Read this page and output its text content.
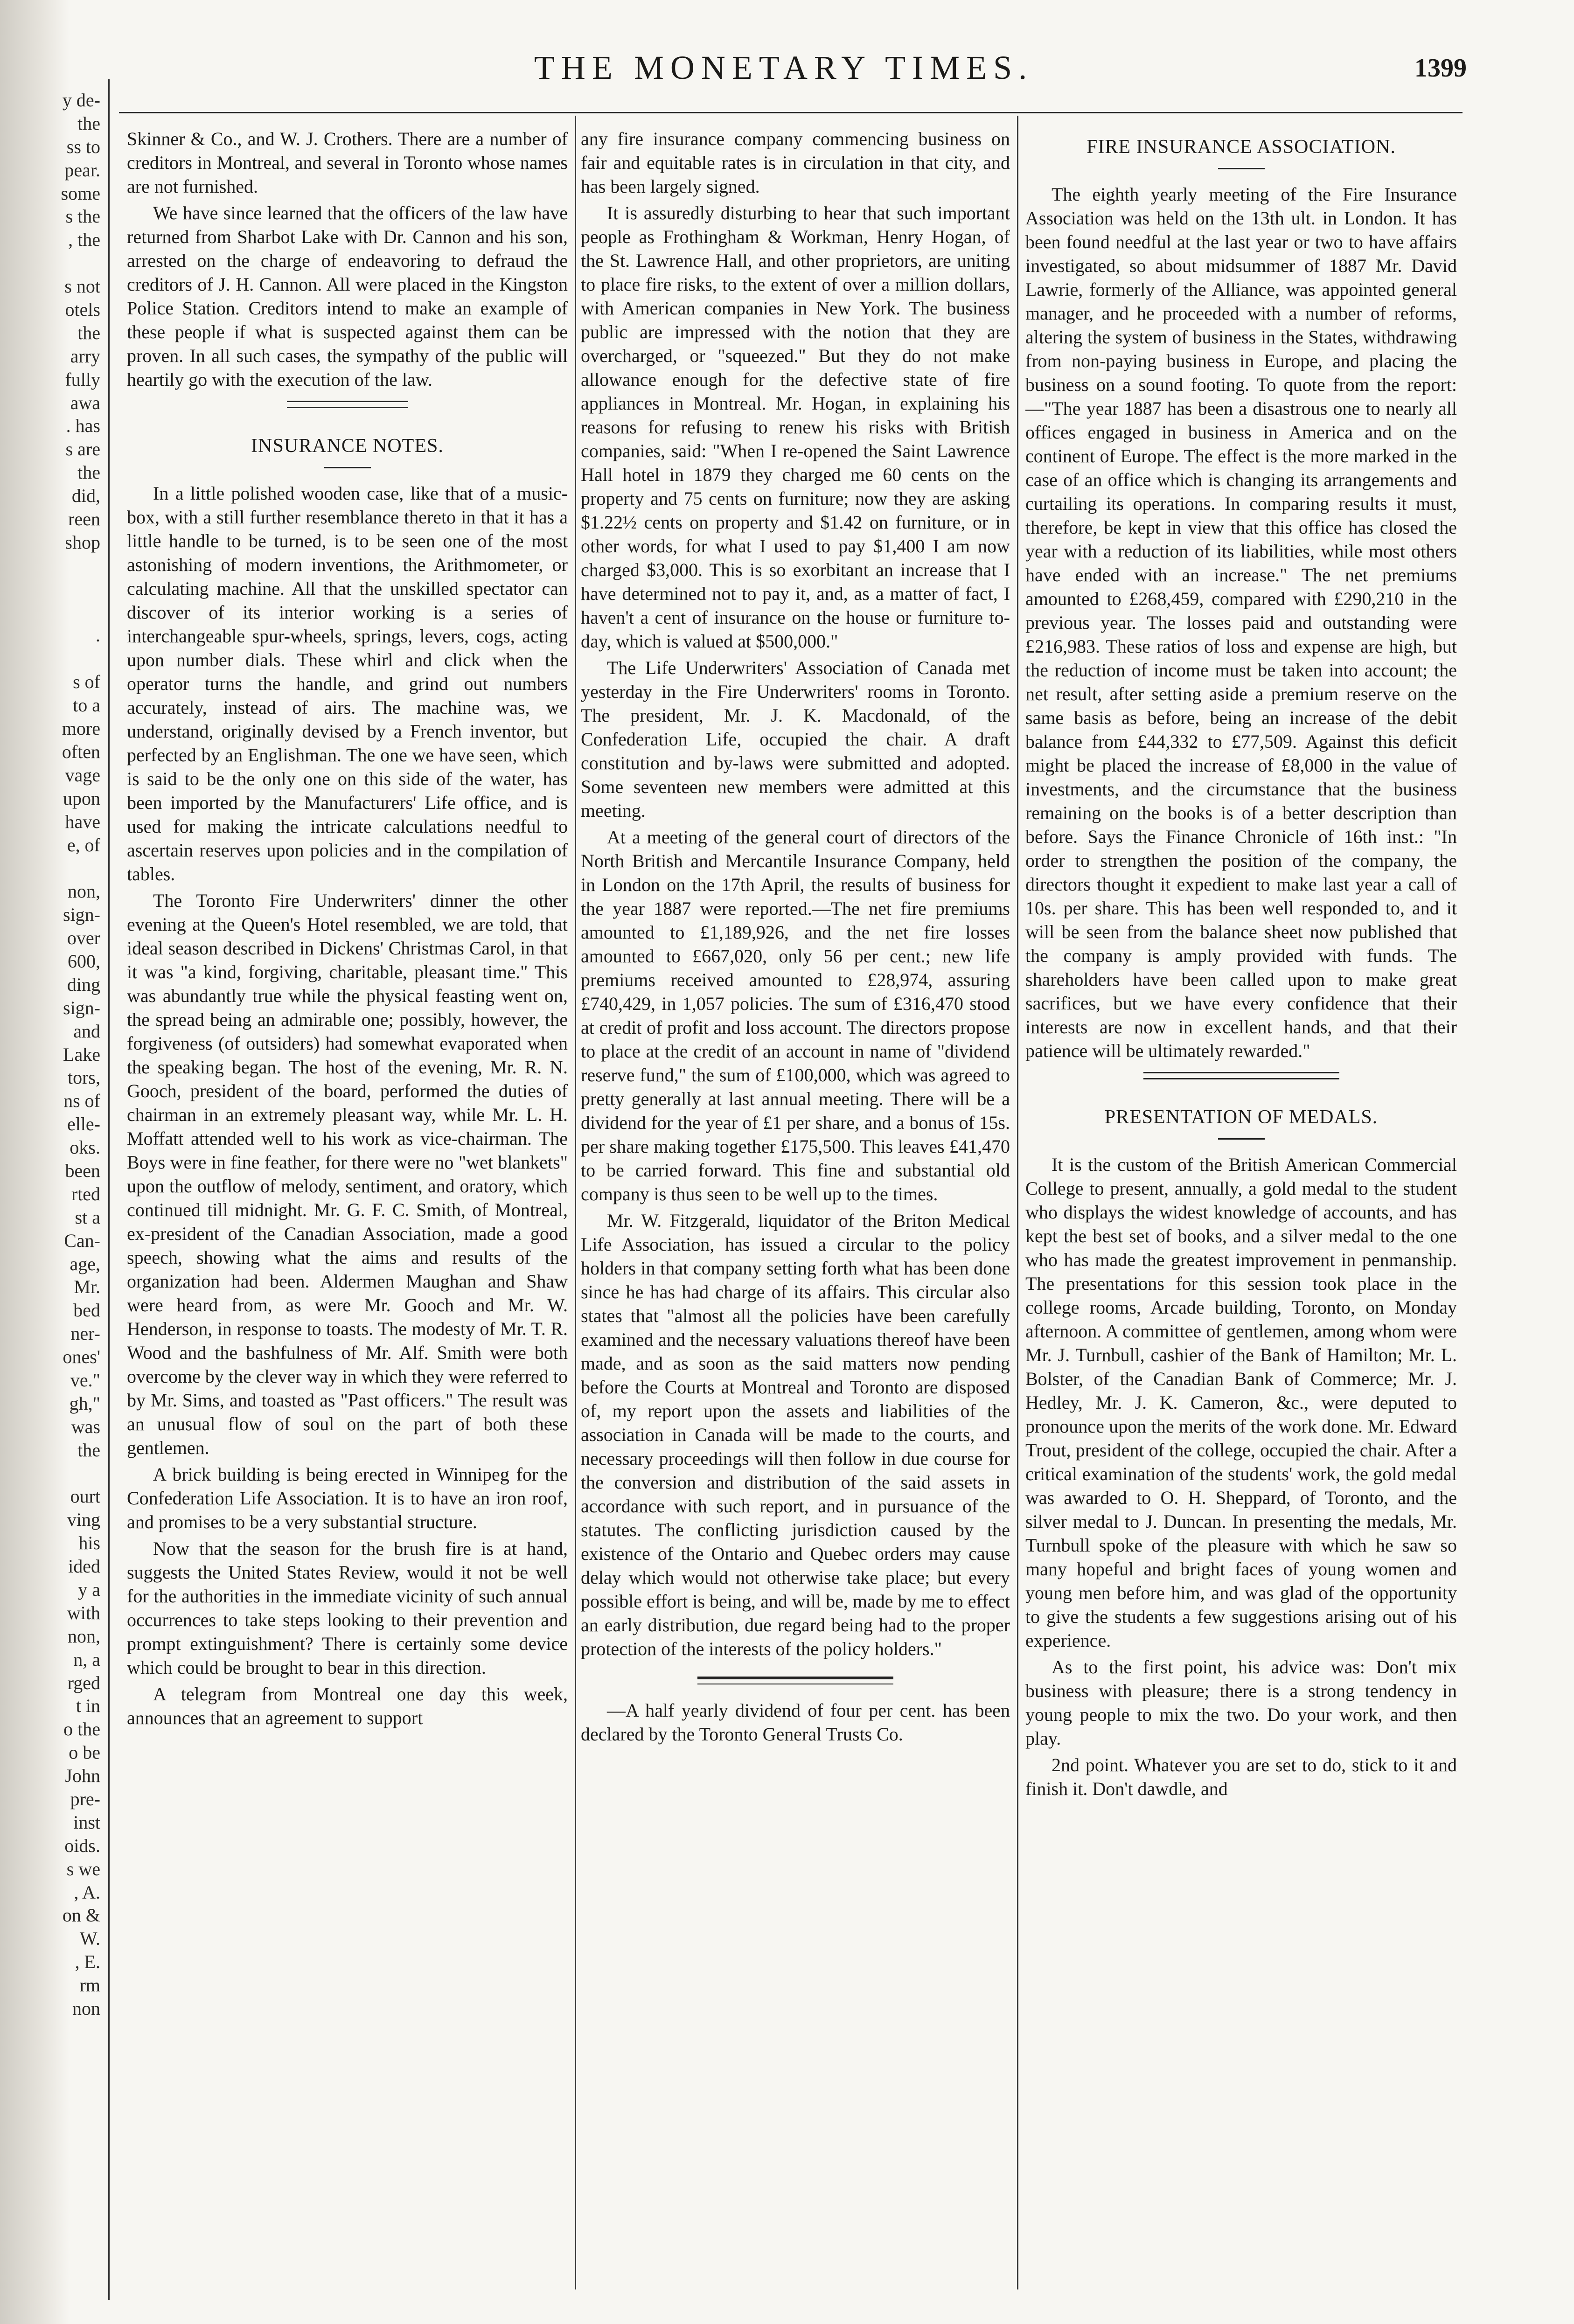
y de-
the
ss to
pear.
some
s the
, the
s not
otels
the
arry
fully
awa
. has
s are
the
did,
reen
shop
.
s of
to a
more
often
vage
upon
have
e, of
non,
sign-
over
600,
ding
sign-
and
Lake
tors,
ns of
elle-
oks.
been
rted
st a
Can-
age,
Mr.
bed
ner-
ones'
ve."
gh,"
was
the
ourt
ving
his
ided
y a
with
non,
n, a
rged
t in
o the
o be
John
pre-
inst
oids.
s we
, A.
on &
W.
, E.
rm
non
THE MONETARY TIMES.	1399

Skinner & Co., and W. J. Crothers. There are a number of creditors in Montreal, and several in Toronto whose names are not furnished.

We have since learned that the officers of the law have returned from Sharbot Lake with Dr. Cannon and his son, arrested on the charge of endeavoring to defraud the creditors of J. H. Cannon. All were placed in the Kingston Police Station. Creditors intend to make an example of these people if what is suspected against them can be proven. In all such cases, the sympathy of the public will heartily go with the execution of the law.

INSURANCE NOTES.

In a little polished wooden case, like that of a music-box, with a still further resemblance thereto in that it has a little handle to be turned, is to be seen one of the most astonishing of modern inventions, the Arithmometer, or calculating machine. All that the unskilled spectator can discover of its interior working is a series of interchangeable spur-wheels, springs, levers, cogs, acting upon number dials. These whirl and click when the operator turns the handle, and grind out numbers accurately, instead of airs. The machine was, we understand, originally devised by a French inventor, but perfected by an Englishman. The one we have seen, which is said to be the only one on this side of the water, has been imported by the Manufacturers' Life office, and is used for making the intricate calculations needful to ascertain reserves upon policies and in the compilation of tables.

The Toronto Fire Underwriters' dinner the other evening at the Queen's Hotel resembled, we are told, that ideal season described in Dickens' Christmas Carol, in that it was "a kind, forgiving, charitable, pleasant time." This was abundantly true while the physical feasting went on, the spread being an admirable one; possibly, however, the forgiveness (of outsiders) had somewhat evaporated when the speaking began. The host of the evening, Mr. R. N. Gooch, president of the board, performed the duties of chairman in an extremely pleasant way, while Mr. L. H. Moffatt attended well to his work as vice-chairman. The Boys were in fine feather, for there were no "wet blankets" upon the outflow of melody, sentiment, and oratory, which continued till midnight. Mr. G. F. C. Smith, of Montreal, ex-president of the Canadian Association, made a good speech, showing what the aims and results of the organization had been. Aldermen Maughan and Shaw were heard from, as were Mr. Gooch and Mr. W. Henderson, in response to toasts. The modesty of Mr. T. R. Wood and the bashfulness of Mr. Alf. Smith were both overcome by the clever way in which they were referred to by Mr. Sims, and toasted as "Past officers." The result was an unusual flow of soul on the part of both these gentlemen.

A brick building is being erected in Winnipeg for the Confederation Life Association. It is to have an iron roof, and promises to be a very substantial structure.

Now that the season for the brush fire is at hand, suggests the United States Review, would it not be well for the authorities in the immediate vicinity of such annual occurrences to take steps looking to their prevention and prompt extinguishment? There is certainly some device which could be brought to bear in this direction.

A telegram from Montreal one day this week, announces that an agreement to support

any fire insurance company commencing business on fair and equitable rates is in circulation in that city, and has been largely signed.

It is assuredly disturbing to hear that such important people as Frothingham & Workman, Henry Hogan, of the St. Lawrence Hall, and other proprietors, are uniting to place fire risks, to the extent of over a million dollars, with American companies in New York. The business public are impressed with the notion that they are overcharged, or "squeezed." But they do not make allowance enough for the defective state of fire appliances in Montreal. Mr. Hogan, in explaining his reasons for refusing to renew his risks with British companies, said: "When I re-opened the Saint Lawrence Hall hotel in 1879 they charged me 60 cents on the property and 75 cents on furniture; now they are asking $1.22½ cents on property and $1.42 on furniture, or in other words, for what I used to pay $1,400 I am now charged $3,000. This is so exorbitant an increase that I have determined not to pay it, and, as a matter of fact, I haven't a cent of insurance on the house or furniture to-day, which is valued at $500,000."

The Life Underwriters' Association of Canada met yesterday in the Fire Underwriters' rooms in Toronto. The president, Mr. J. K. Macdonald, of the Confederation Life, occupied the chair. A draft constitution and by-laws were submitted and adopted. Some seventeen new members were admitted at this meeting.

At a meeting of the general court of directors of the North British and Mercantile Insurance Company, held in London on the 17th April, the results of business for the year 1887 were reported.—The net fire premiums amounted to £1,189,926, and the net fire losses amounted to £667,020, only 56 per cent.; new life premiums received amounted to £28,974, assuring £740,429, in 1,057 policies. The sum of £316,470 stood at credit of profit and loss account. The directors propose to place at the credit of an account in name of "dividend reserve fund," the sum of £100,000, which was agreed to pretty generally at last annual meeting. There will be a dividend for the year of £1 per share, and a bonus of 15s. per share making together £175,500. This leaves £41,470 to be carried forward. This fine and substantial old company is thus seen to be well up to the times.

Mr. W. Fitzgerald, liquidator of the Briton Medical Life Association, has issued a circular to the policy holders in that company setting forth what has been done since he has had charge of its affairs. This circular also states that "almost all the policies have been carefully examined and the necessary valuations thereof have been made, and as soon as the said matters now pending before the Courts at Montreal and Toronto are disposed of, my report upon the assets and liabilities of the association in Canada will be made to the courts, and necessary proceedings will then follow in due course for the conversion and distribution of the said assets in accordance with such report, and in pursuance of the statutes. The conflicting jurisdiction caused by the existence of the Ontario and Quebec orders may cause delay which would not otherwise take place; but every possible effort is being, and will be, made by me to effect an early distribution, due regard being had to the proper protection of the interests of the policy holders."

—A half yearly dividend of four per cent. has been declared by the Toronto General Trusts Co.

FIRE INSURANCE ASSOCIATION.

The eighth yearly meeting of the Fire Insurance Association was held on the 13th ult. in London. It has been found needful at the last year or two to have affairs investigated, so about midsummer of 1887 Mr. David Lawrie, formerly of the Alliance, was appointed general manager, and he proceeded with a number of reforms, altering the system of business in the States, withdrawing from non-paying business in Europe, and placing the business on a sound footing. To quote from the report:—"The year 1887 has been a disastrous one to nearly all offices engaged in business in America and on the continent of Europe. The effect is the more marked in the case of an office which is changing its arrangements and curtailing its operations. In comparing results it must, therefore, be kept in view that this office has closed the year with a reduction of its liabilities, while most others have ended with an increase." The net premiums amounted to £268,459, compared with £290,210 in the previous year. The losses paid and outstanding were £216,983. These ratios of loss and expense are high, but the reduction of income must be taken into account; the net result, after setting aside a premium reserve on the same basis as before, being an increase of the debit balance from £44,332 to £77,509. Against this deficit might be placed the increase of £8,000 in the value of investments, and the circumstance that the business remaining on the books is of a better description than before. Says the Finance Chronicle of 16th inst.: "In order to strengthen the position of the company, the directors thought it expedient to make last year a call of 10s. per share. This has been well responded to, and it will be seen from the balance sheet now published that the company is amply provided with funds. The shareholders have been called upon to make great sacrifices, but we have every confidence that their interests are now in excellent hands, and that their patience will be ultimately rewarded."

PRESENTATION OF MEDALS.

It is the custom of the British American Commercial College to present, annually, a gold medal to the student who displays the widest knowledge of accounts, and has kept the best set of books, and a silver medal to the one who has made the greatest improvement in penmanship. The presentations for this session took place in the college rooms, Arcade building, Toronto, on Monday afternoon. A committee of gentlemen, among whom were Mr. J. Turnbull, cashier of the Bank of Hamilton; Mr. L. Bolster, of the Canadian Bank of Commerce; Mr. J. Hedley, Mr. J. K. Cameron, &c., were deputed to pronounce upon the merits of the work done. Mr. Edward Trout, president of the college, occupied the chair. After a critical examination of the students' work, the gold medal was awarded to O. H. Sheppard, of Toronto, and the silver medal to J. Duncan. In presenting the medals, Mr. Turnbull spoke of the pleasure with which he saw so many hopeful and bright faces of young women and young men before him, and was glad of the opportunity to give the students a few suggestions arising out of his experience.

As to the first point, his advice was: Don't mix business with pleasure; there is a strong tendency in young people to mix the two. Do your work, and then play.

2nd point. Whatever you are set to do, stick to it and finish it. Don't dawdle, and
